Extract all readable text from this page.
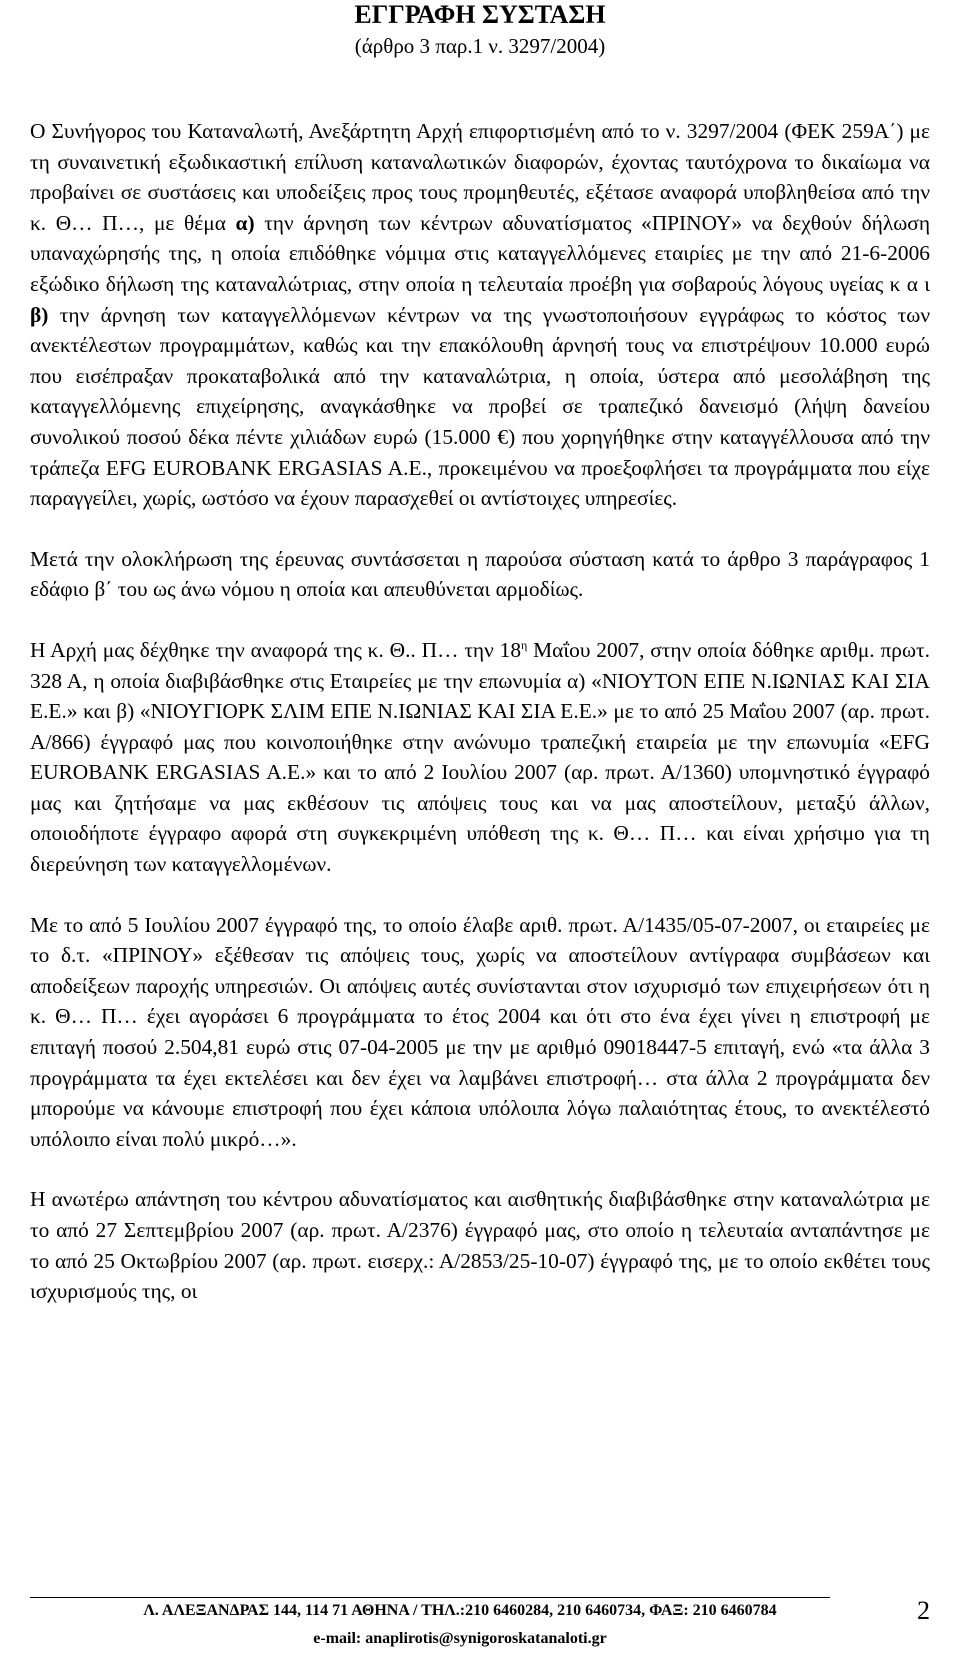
ΕΓΓΡΑΦΗ ΣΥΣΤΑΣΗ
(άρθρο 3 παρ.1 ν. 3297/2004)

Ο Συνήγορος του Καταναλωτή, Ανεξάρτητη Αρχή επιφορτισμένη από το ν. 3297/2004 (ΦΕΚ 259Α΄) με τη συναινετική εξωδικαστική επίλυση καταναλωτικών διαφορών, έχοντας ταυτόχρονα το δικαίωμα να προβαίνει σε συστάσεις και υποδείξεις προς τους προμηθευτές, εξέτασε αναφορά υποβληθείσα από την κ. Θ… Π…, με θέμα α) την άρνηση των κέντρων αδυνατίσματος «ΠΡΙΝΟΥ» να δεχθούν δήλωση υπαναχώρησής της, η οποία επιδόθηκε νόμιμα στις καταγγελλόμενες εταιρίες με την από 21-6-2006 εξώδικο δήλωση της καταναλώτριας, στην οποία η τελευταία προέβη για σοβαρούς λόγους υγείας κ α ι β) την άρνηση των καταγγελλόμενων κέντρων να της γνωστοποιήσουν εγγράφως το κόστος των ανεκτέλεστων προγραμμάτων, καθώς και την επακόλουθη άρνησή τους να επιστρέψουν 10.000 ευρώ που εισέπραξαν προκαταβολικά από την καταναλώτρια, η οποία, ύστερα από μεσολάβηση της καταγγελλόμενης επιχείρησης, αναγκάσθηκε να προβεί σε τραπεζικό δανεισμό (λήψη δανείου συνολικού ποσού δέκα πέντε χιλιάδων ευρώ (15.000 €) που χορηγήθηκε στην καταγγέλλουσα από την τράπεζα EFG EUROBANK ERGASIAS A.E., προκειμένου να προεξοφλήσει τα προγράμματα που είχε παραγγείλει, χωρίς, ωστόσο να έχουν παρασχεθεί οι αντίστοιχες υπηρεσίες.

Μετά την ολοκλήρωση της έρευνας συντάσσεται η παρούσα σύσταση κατά το άρθρο 3 παράγραφος 1 εδάφιο β΄ του ως άνω νόμου η οποία και απευθύνεται αρμοδίως.

Η Αρχή μας δέχθηκε την αναφορά της κ. Θ.. Π… την $18^\eta$ Μαΐου 2007, στην οποία δόθηκε αριθμ. πρωτ. 328 Α, η οποία διαβιβάσθηκε στις Εταιρείες με την επωνυμία α) «ΝΙΟΥΤΟΝ ΕΠΕ Ν.ΙΩΝΙΑΣ ΚΑΙ ΣΙΑ Ε.Ε.» και β) «ΝΙΟΥΓΙΟΡΚ ΣΛΙΜ ΕΠΕ Ν.ΙΩΝΙΑΣ ΚΑΙ ΣΙΑ Ε.Ε.» με το από 25 Μαΐου 2007 (αρ. πρωτ. Α/866) έγγραφό μας που κοινοποιήθηκε στην ανώνυμο τραπεζική εταιρεία με την επωνυμία «EFG EUROBANK ERGASIAS A.E.» και το από 2 Ιουλίου 2007 (αρ. πρωτ. Α/1360) υπομνηστικό έγγραφό μας και ζητήσαμε να μας εκθέσουν τις απόψεις τους και να μας αποστείλουν, μεταξύ άλλων, οποιοδήποτε έγγραφο αφορά στη συγκεκριμένη υπόθεση της κ. Θ… Π… και είναι χρήσιμο για τη διερεύνηση των καταγγελλομένων.

Με το από 5 Ιουλίου 2007 έγγραφό της, το οποίο έλαβε αριθ. πρωτ. Α/1435/05-07-2007, οι εταιρείες με το δ.τ. «ΠΡΙΝΟΥ» εξέθεσαν τις απόψεις τους, χωρίς να αποστείλουν αντίγραφα συμβάσεων και αποδείξεων παροχής υπηρεσιών. Οι απόψεις αυτές συνίστανται στον ισχυρισμό των επιχειρήσεων ότι η κ. Θ… Π… έχει αγοράσει 6 προγράμματα το έτος 2004 και ότι στο ένα έχει γίνει η επιστροφή με επιταγή ποσού 2.504,81 ευρώ στις 07-04-2005 με την με αριθμό 09018447-5 επιταγή, ενώ «τα άλλα 3 προγράμματα τα έχει εκτελέσει και δεν έχει να λαμβάνει επιστροφή… στα άλλα 2 προγράμματα δεν μπορούμε να κάνουμε επιστροφή που έχει κάποια υπόλοιπα λόγω παλαιότητας έτους, το ανεκτέλεστό υπόλοιπο είναι πολύ μικρό…».

Η ανωτέρω απάντηση του κέντρου αδυνατίσματος και αισθητικής διαβιβάσθηκε στην καταναλώτρια με το από 27 Σεπτεμβρίου 2007 (αρ. πρωτ. Α/2376) έγγραφό μας, στο οποίο η τελευταία ανταπάντησε με το από 25 Οκτωβρίου 2007 (αρ. πρωτ. εισερχ.: Α/2853/25-10-07) έγγραφό της, με το οποίο εκθέτει τους ισχυρισμούς της, οι

Λ. ΑΛΕΞΑΝΔΡΑΣ 144, 114 71 ΑΘΗΝΑ / ΤΗΛ.:210 6460284, 210 6460734, ΦΑΞ: 210 6460784
e-mail: anaplirotis@synigoroskatanaloti.gr
2
